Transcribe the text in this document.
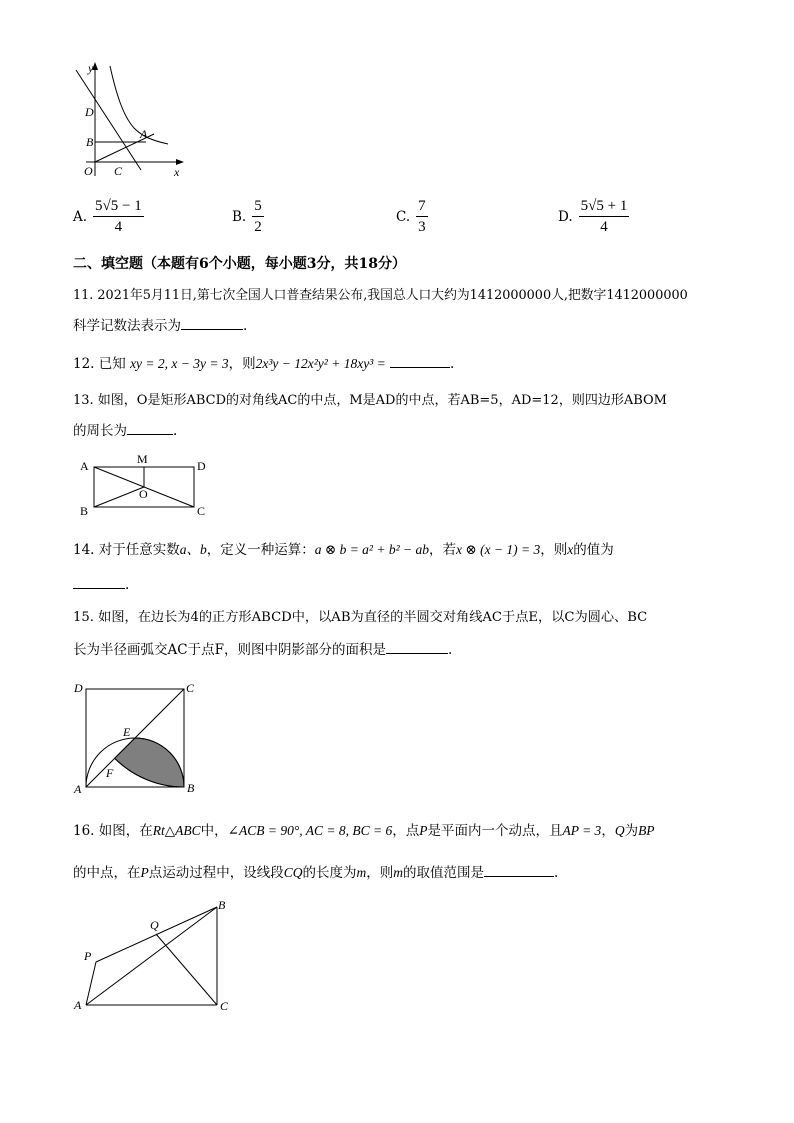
y
x
D
B
A
O C
A. $\frac{5√5 - 1}{4}$	B. $\frac{5}{2}$	C. $\frac{7}{3}$	D. $\frac{5√5 + 1}{4}$
二、填空题（本题有6个小题，每小题3分，共18分）
11. 2021年5月11日,第七次全国人口普查结果公布,我国总人口大约为1412000000人,把数字1412000000
科学记数法表示为	.
12. 已知 xy = 2, x − 3y = 3，则2x³y − 12x²y² + 18xy³ =	.
13. 如图，O是矩形ABCD的对角线AC的中点，M是AD的中点，若AB=5，AD=12，则四边形ABOM
的周长为	.
A	M	D
O
B	C
14. 对于任意实数a、b，定义一种运算：a ⊗ b = a² + b² − ab，若x ⊗ (x − 1) = 3，则x的值为
.
15. 如图，在边长为4的正方形ABCD中，以AB为直径的半圆交对角线AC于点E，以C为圆心、BC
长为半径画弧交AC于点F，则图中阴影部分的面积是	.
D	C
E
F
A	B
16. 如图，在Rt△ABC中，∠ACB = 90°, AC = 8, BC = 6，点P是平面内一个动点，且AP = 3，Q为BP
的中点，在P点运动过程中，设线段CQ的长度为m，则m的取值范围是	.
B
Q
P
A	C
